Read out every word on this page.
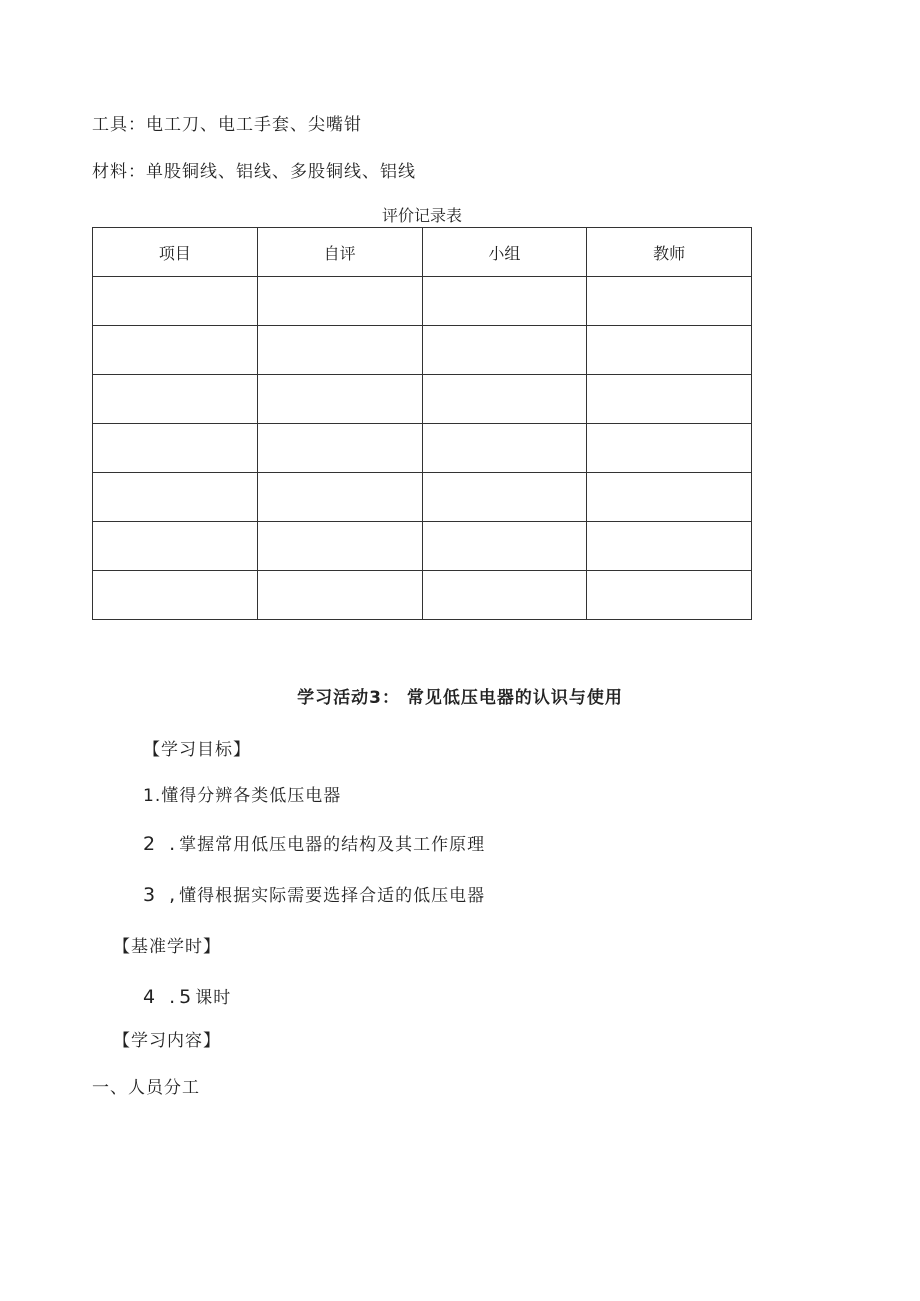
工具：电工刀、电工手套、尖嘴钳
材料：单股铜线、铝线、多股铜线、铝线
评价记录表
项目	自评	小组	教师

学习活动3： 常见低压电器的认识与使用
【学习目标】
1.懂得分辨各类低压电器
2 .掌握常用低压电器的结构及其工作原理
3 ,懂得根据实际需要选择合适的低压电器
【基准学时】
4 .5课时
【学习内容】
一、人员分工
